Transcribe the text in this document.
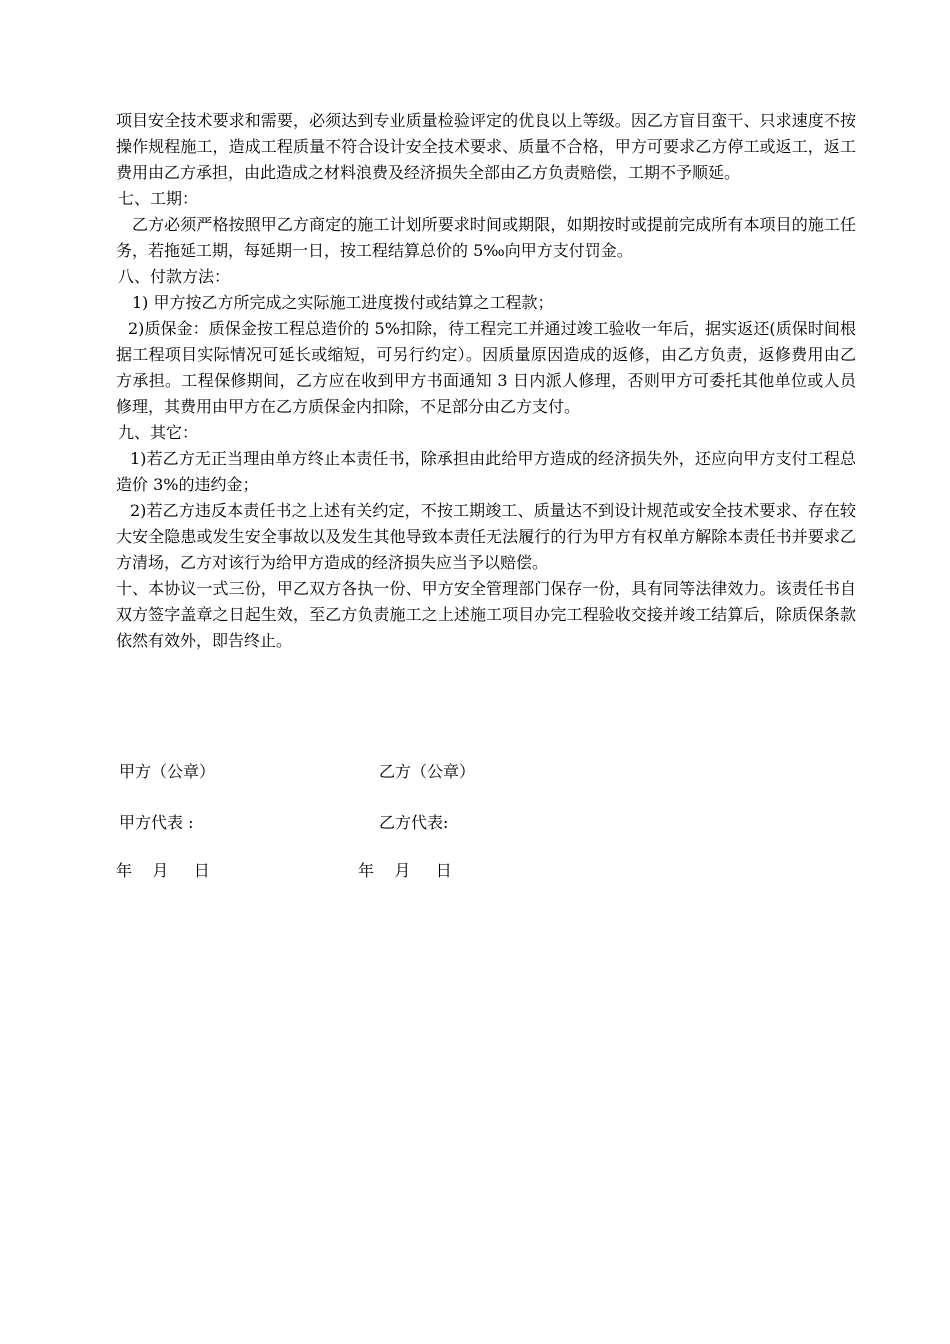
项目安全技术要求和需要，必须达到专业质量检验评定的优良以上等级。因乙方盲目蛮干、只求速度不按操作规程施工，造成工程质量不符合设计安全技术要求、质量不合格，甲方可要求乙方停工或返工，返工费用由乙方承担，由此造成之材料浪费及经济损失全部由乙方负责赔偿，工期不予顺延。

七、工期：

乙方必须严格按照甲乙方商定的施工计划所要求时间或期限，如期按时或提前完成所有本项目的施工任务，若拖延工期，每延期一日，按工程结算总价的 5‰向甲方支付罚金。

八、付款方法：

1) 甲方按乙方所完成之实际施工进度拨付或结算之工程款；

2)质保金：质保金按工程总造价的 5%扣除，待工程完工并通过竣工验收一年后，据实返还(质保时间根据工程项目实际情况可延长或缩短，可另行约定）。因质量原因造成的返修，由乙方负责，返修费用由乙方承担。工程保修期间，乙方应在收到甲方书面通知 3 日内派人修理，否则甲方可委托其他单位或人员修理，其费用由甲方在乙方质保金内扣除，不足部分由乙方支付。

九、其它：

1)若乙方无正当理由单方终止本责任书，除承担由此给甲方造成的经济损失外，还应向甲方支付工程总造价 3%的违约金；

2)若乙方违反本责任书之上述有关约定，不按工期竣工、质量达不到设计规范或安全技术要求、存在较大安全隐患或发生安全事故以及发生其他导致本责任无法履行的行为甲方有权单方解除本责任书并要求乙方清场，乙方对该行为给甲方造成的经济损失应当予以赔偿。

十、本协议一式三份，甲乙双方各执一份、甲方安全管理部门保存一份，具有同等法律效力。该责任书自双方签字盖章之日起生效，至乙方负责施工之上述施工项目办完工程验收交接并竣工结算后，除质保条款依然有效外，即告终止。

甲方（公章）	乙方（公章）
甲方代表 :	乙方代表:
年    月     日	年    月     日
